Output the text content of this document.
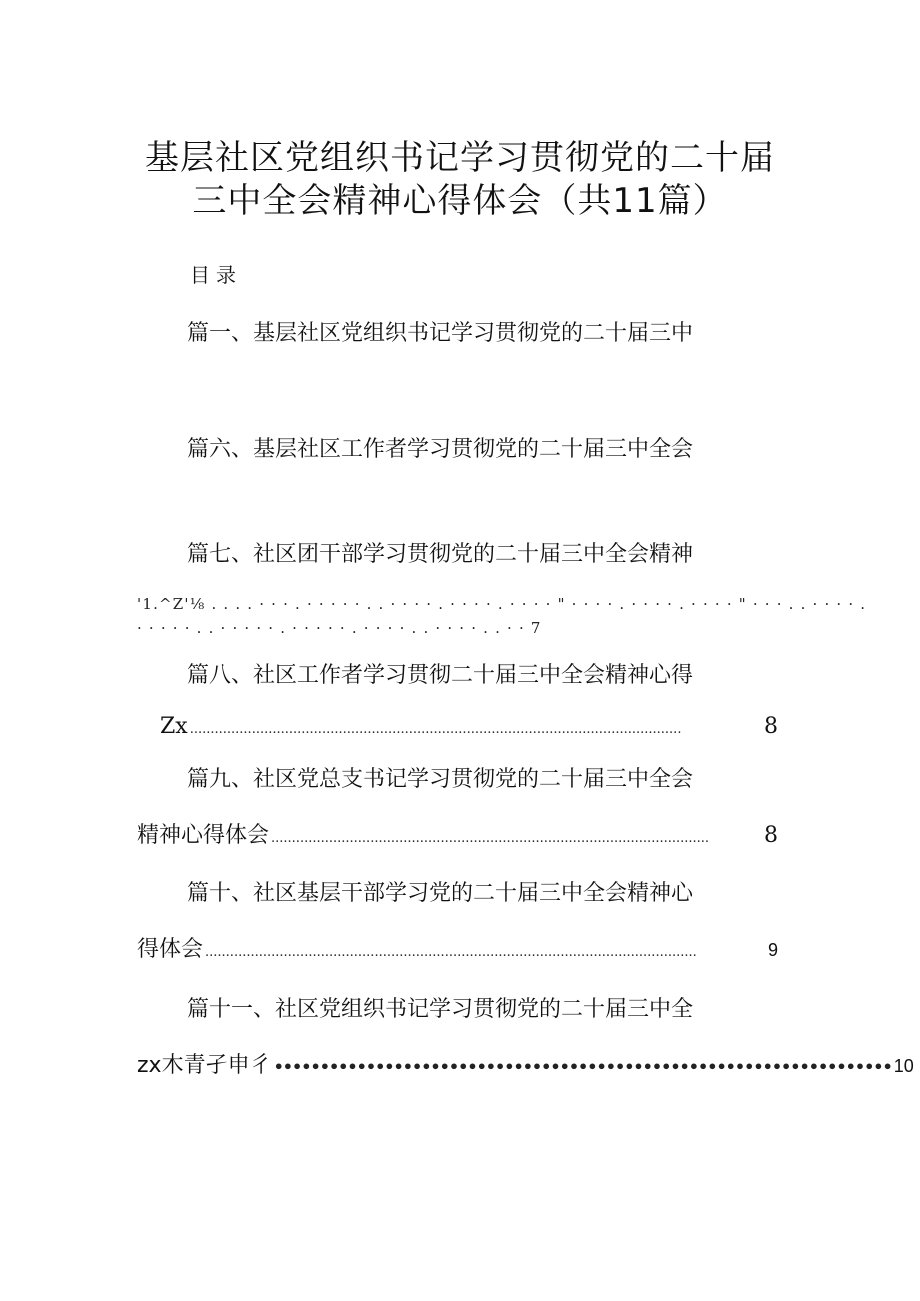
基层社区党组织书记学习贯彻党的二十届
三中全会精神心得体会（共11篇）
目录
篇一、基层社区党组织书记学习贯彻党的二十届三中
篇六、基层社区工作者学习贯彻党的二十届三中全会
篇七、社区团干部学习贯彻党的二十届三中全会精神
'1.^Z'⅛ . . . . · · · . · · · · · . . · · · · . · · · · . · · · · " · · · · . · · · · . · · · · " · · · . . · · · · .
· · · · · . . · · · · · . · · · · · . · · · · . . · · · · . . · · 7
篇八、社区工作者学习贯彻二十届三中全会精神心得
Zx .......................................................................................................................	8
篇九、社区党总支书记学习贯彻党的二十届三中全会
精神心得体会 ..........................................................................................................	8
篇十、社区基层干部学习党的二十届三中全会精神心
得体会 .......................................................................................................................	9
篇十一、社区党组织书记学习贯彻党的二十届三中全
zx木青孑申彳 ••••••••••••••••••••••••••••••••••••••••••••••••••••••••••••••••••• 10
